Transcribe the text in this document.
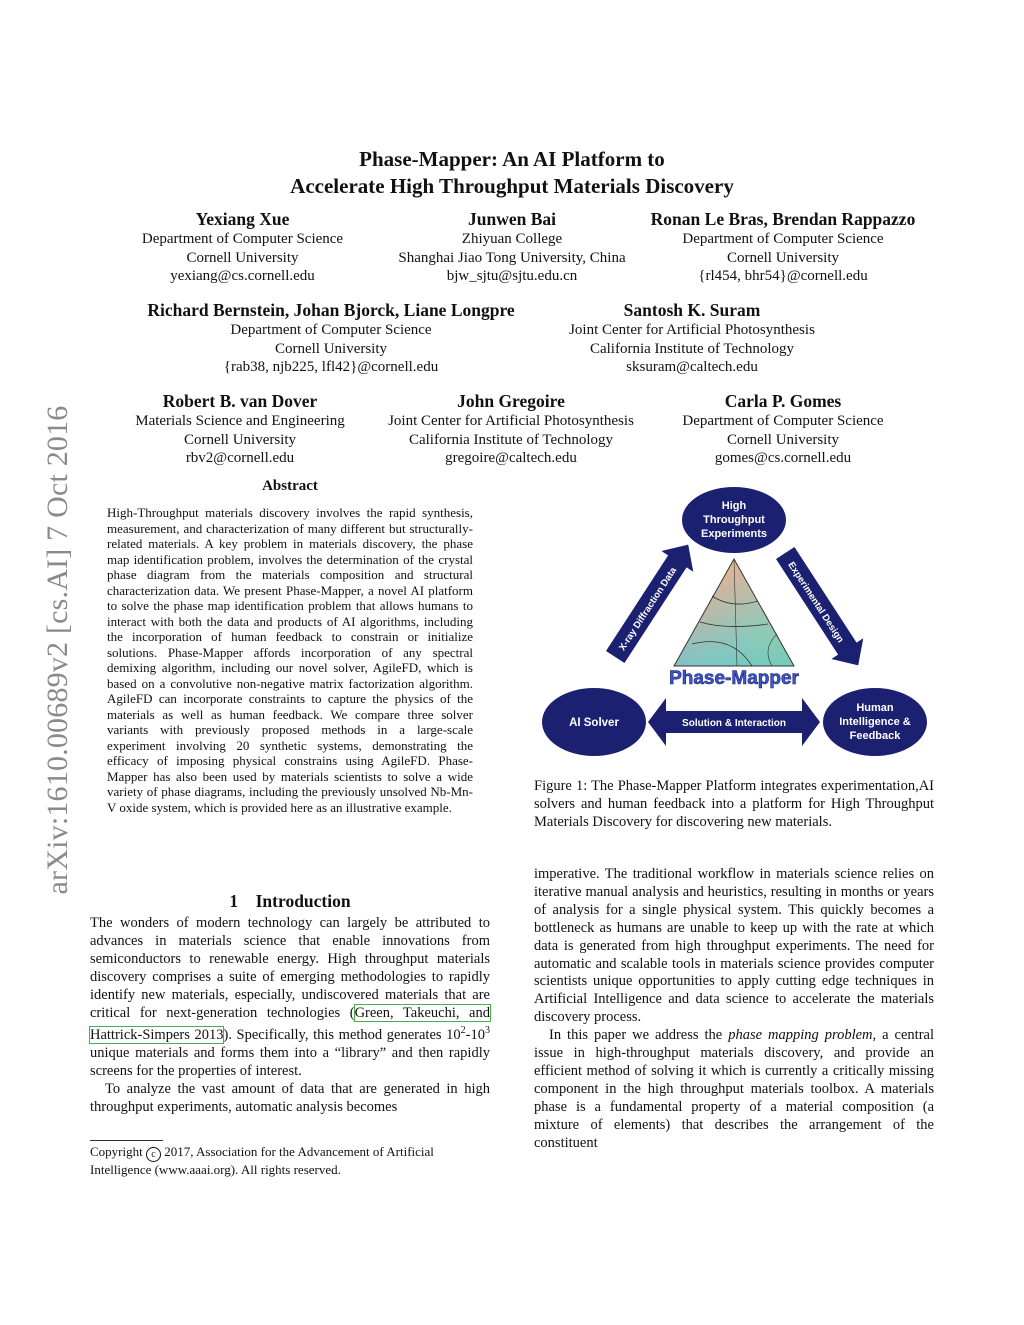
arXiv:1610.00689v2 [cs.AI] 7 Oct 2016
Phase-Mapper: An AI Platform to
Accelerate High Throughput Materials Discovery
Yexiang Xue
Department of Computer Science
Cornell University
yexiang@cs.cornell.edu
Junwen Bai
Zhiyuan College
Shanghai Jiao Tong University, China
bjw_sjtu@sjtu.edu.cn
Ronan Le Bras, Brendan Rappazzo
Department of Computer Science
Cornell University
{rl454, bhr54}@cornell.edu
Richard Bernstein, Johan Bjorck, Liane Longpre
Department of Computer Science
Cornell University
{rab38, njb225, lfl42}@cornell.edu
Santosh K. Suram
Joint Center for Artificial Photosynthesis
California Institute of Technology
sksuram@caltech.edu
Robert B. van Dover
Materials Science and Engineering
Cornell University
rbv2@cornell.edu
John Gregoire
Joint Center for Artificial Photosynthesis
California Institute of Technology
gregoire@caltech.edu
Carla P. Gomes
Department of Computer Science
Cornell University
gomes@cs.cornell.edu
Abstract
High-Throughput materials discovery involves the rapid synthesis, measurement, and characterization of many different but structurally-related materials. A key problem in materials discovery, the phase map identification problem, involves the determination of the crystal phase diagram from the materials composition and structural characterization data. We present Phase-Mapper, a novel AI platform to solve the phase map identification problem that allows humans to interact with both the data and products of AI algorithms, including the incorporation of human feedback to constrain or initialize solutions. Phase-Mapper affords incorporation of any spectral demixing algorithm, including our novel solver, AgileFD, which is based on a convolutive non-negative matrix factorization algorithm. AgileFD can incorporate constraints to capture the physics of the materials as well as human feedback. We compare three solver variants with previously proposed methods in a large-scale experiment involving 20 synthetic systems, demonstrating the efficacy of imposing physical constrains using AgileFD. Phase-Mapper has also been used by materials scientists to solve a wide variety of phase diagrams, including the previously unsolved Nb-Mn-V oxide system, which is provided here as an illustrative example.
1 Introduction

The wonders of modern technology can largely be attributed to advances in materials science that enable innovations from semiconductors to renewable energy. High throughput materials discovery comprises a suite of emerging methodologies to rapidly identify new materials, especially, undiscovered materials that are critical for next-generation technologies (Green, Takeuchi, and Hattrick-Simpers 2013). Specifically, this method generates $10^2-10^3$ unique materials and forms them into a “library” and then rapidly screens for the properties of interest.

To analyze the vast amount of data that are generated in high throughput experiments, automatic analysis becomes

Copyright c 2017, Association for the Advancement of Artificial Intelligence (www.aaai.org). All rights reserved.
High
Throughput
Experiments
AI Solver
Human
Intelligence &
Feedback
X-ray Diffraction Data	Experimental Design
Solution & Interaction
Phase-Mapper
Figure 1: The Phase-Mapper Platform integrates experimentation,AI solvers and human feedback into a platform for High Throughput Materials Discovery for discovering new materials.

imperative. The traditional workflow in materials science relies on iterative manual analysis and heuristics, resulting in months or years of analysis for a single physical system. This quickly becomes a bottleneck as humans are unable to keep up with the rate at which data is generated from high throughput experiments. The need for automatic and scalable tools in materials science provides computer scientists unique opportunities to apply cutting edge techniques in Artificial Intelligence and data science to accelerate the materials discovery process.

In this paper we address the phase mapping problem, a central issue in high-throughput materials discovery, and provide an efficient method of solving it which is currently a critically missing component in the high throughput materials toolbox. A materials phase is a fundamental property of a material composition (a mixture of elements) that describes the arrangement of the constituent
